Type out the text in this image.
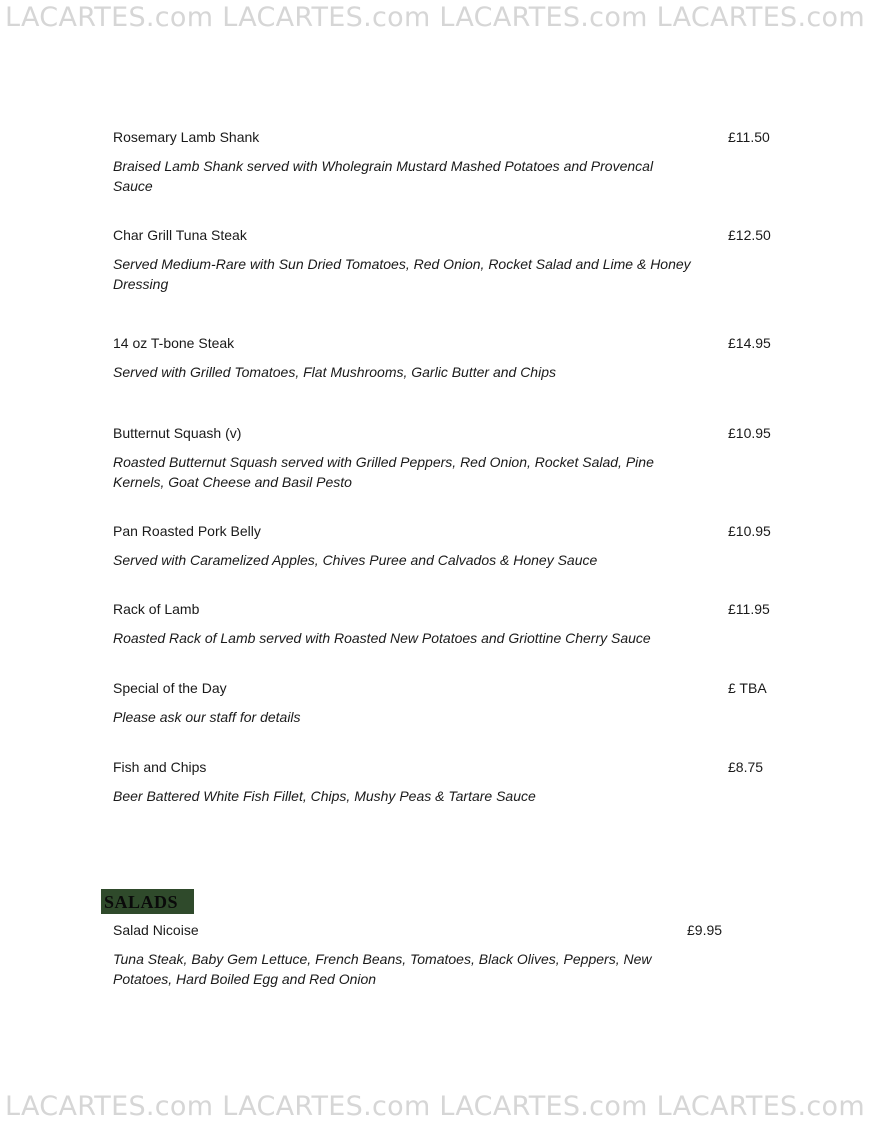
LACARTES.com LACARTES.com LACARTES.com LACARTES.com
Rosemary Lamb Shank	£11.50
Braised Lamb Shank served with Wholegrain Mustard Mashed Potatoes and Provencal Sauce
Char Grill Tuna Steak	£12.50
Served Medium-Rare with Sun Dried Tomatoes, Red Onion, Rocket Salad and Lime & Honey Dressing
14 oz T-bone Steak	£14.95
Served with Grilled Tomatoes, Flat Mushrooms, Garlic Butter and Chips
Butternut Squash (v)	£10.95
Roasted Butternut Squash served with Grilled Peppers, Red Onion, Rocket Salad, Pine Kernels, Goat Cheese and Basil Pesto
Pan Roasted Pork Belly	£10.95
Served with Caramelized Apples, Chives Puree and Calvados & Honey Sauce
Rack of Lamb	£11.95
Roasted Rack of Lamb served with Roasted New Potatoes and Griottine Cherry Sauce
Special of the Day	£ TBA
Please ask our staff for details
Fish and Chips	£8.75
Beer Battered White Fish Fillet, Chips, Mushy Peas & Tartare Sauce
SALADS
Salad Nicoise	£9.95
Tuna Steak, Baby Gem Lettuce, French Beans, Tomatoes, Black Olives, Peppers, New Potatoes, Hard Boiled Egg and Red Onion
LACARTES.com LACARTES.com LACARTES.com LACARTES.com
